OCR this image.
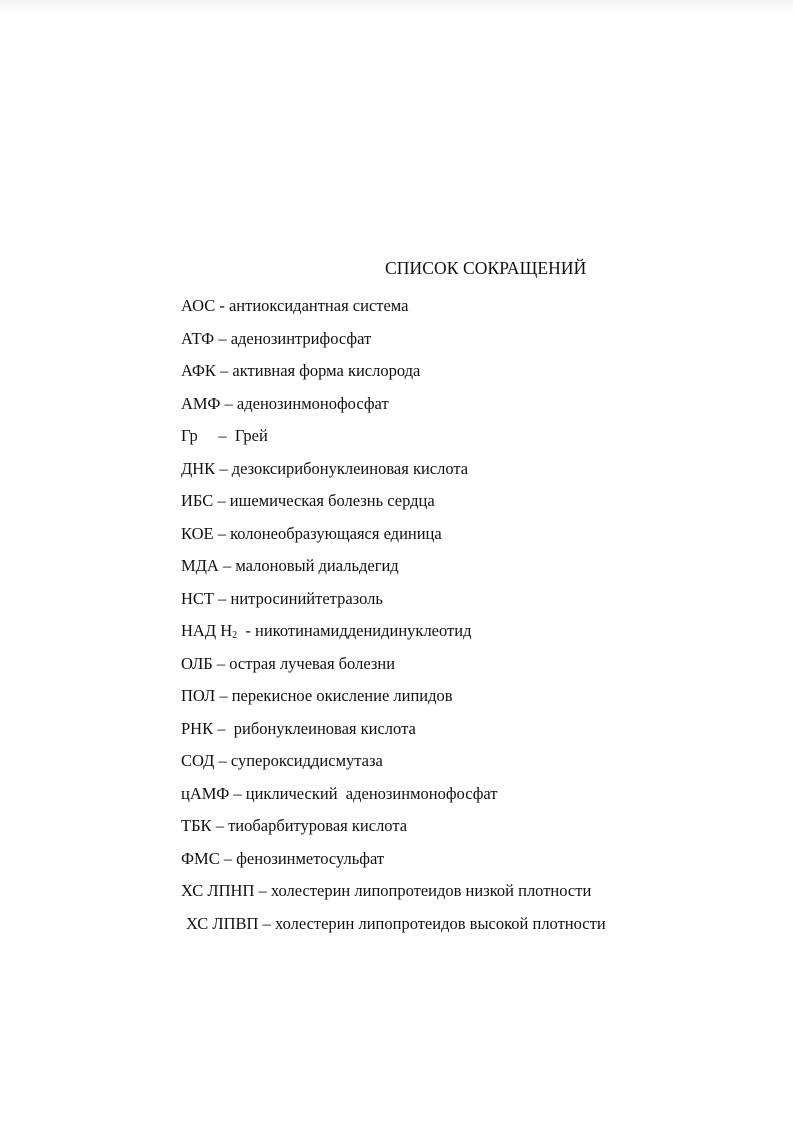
СПИСОК СОКРАЩЕНИЙ
АОС - антиоксидантная система
АТФ – аденозинтрифосфат
АФК – активная форма кислорода
АМФ – аденозинмонофосфат
Гр     –  Грей
ДНК – дезоксирибонуклеиновая кислота
ИБС – ишемическая болезнь сердца
КОЕ – колонеобразующаяся единица
МДА – малоновый диальдегид
НСТ – нитросинийтетразоль
НАД $Н_2$  - никотинамидденидинуклеотид
ОЛБ – острая лучевая болезни
ПОЛ – перекисное окисление липидов
РНК –  рибонуклеиновая кислота
СОД – супероксиддисмутаза
цАМФ – циклический  аденозинмонофосфат
ТБК – тиобарбитуровая кислота
ФМС – фенозинметосульфат
ХС ЛПНП – холестерин липопротеидов низкой плотности
ХС ЛПВП – холестерин липопротеидов высокой плотности
